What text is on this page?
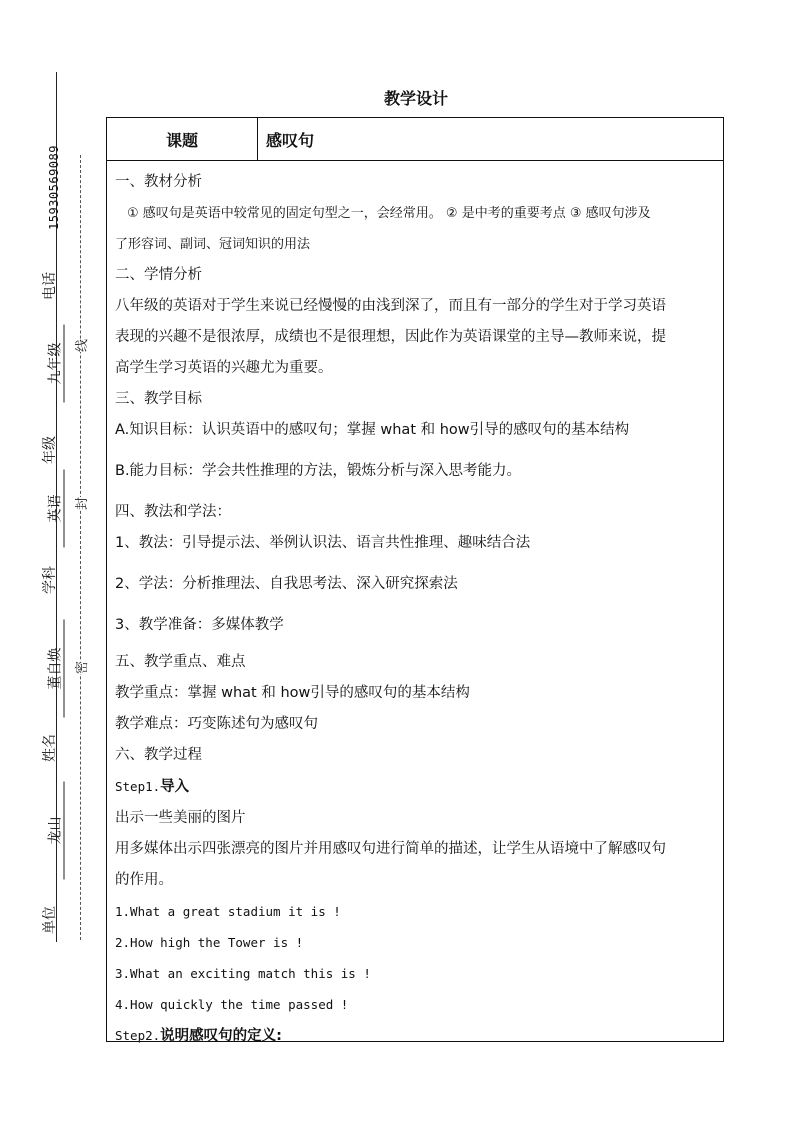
15930569089
电话
九年级
年级
英语
学科
董自焕
姓名
龙山
单位
线
封
密
教学设计
课题	感叹句

一、教材分析

① 感叹句是英语中较常见的固定句型之一，会经常用。 ② 是中考的重要考点 ③ 感叹句涉及

了形容词、副词、冠词知识的用法

二、学情分析

八年级的英语对于学生来说已经慢慢的由浅到深了，而且有一部分的学生对于学习英语

表现的兴趣不是很浓厚，成绩也不是很理想，因此作为英语课堂的主导—教师来说，提

高学生学习英语的兴趣尤为重要。

三、教学目标

A.知识目标：认识英语中的感叹句；掌握 what 和 how引导的感叹句的基本结构

B.能力目标：学会共性推理的方法，锻炼分析与深入思考能力。

四、教法和学法：

1、教法：引导提示法、举例认识法、语言共性推理、趣味结合法

2、学法：分析推理法、自我思考法、深入研究探索法

3、教学准备：多媒体教学

五、教学重点、难点

教学重点：掌握 what 和 how引导的感叹句的基本结构

教学难点：巧变陈述句为感叹句

六、教学过程

Step1.导入

出示一些美丽的图片

用多媒体出示四张漂亮的图片并用感叹句进行简单的描述，让学生从语境中了解感叹句

的作用。

1.What a great stadium it is !

2.How high the Tower is !

3.What an exciting match this is !

4.How quickly the time passed !

Step2.说明感叹句的定义:
